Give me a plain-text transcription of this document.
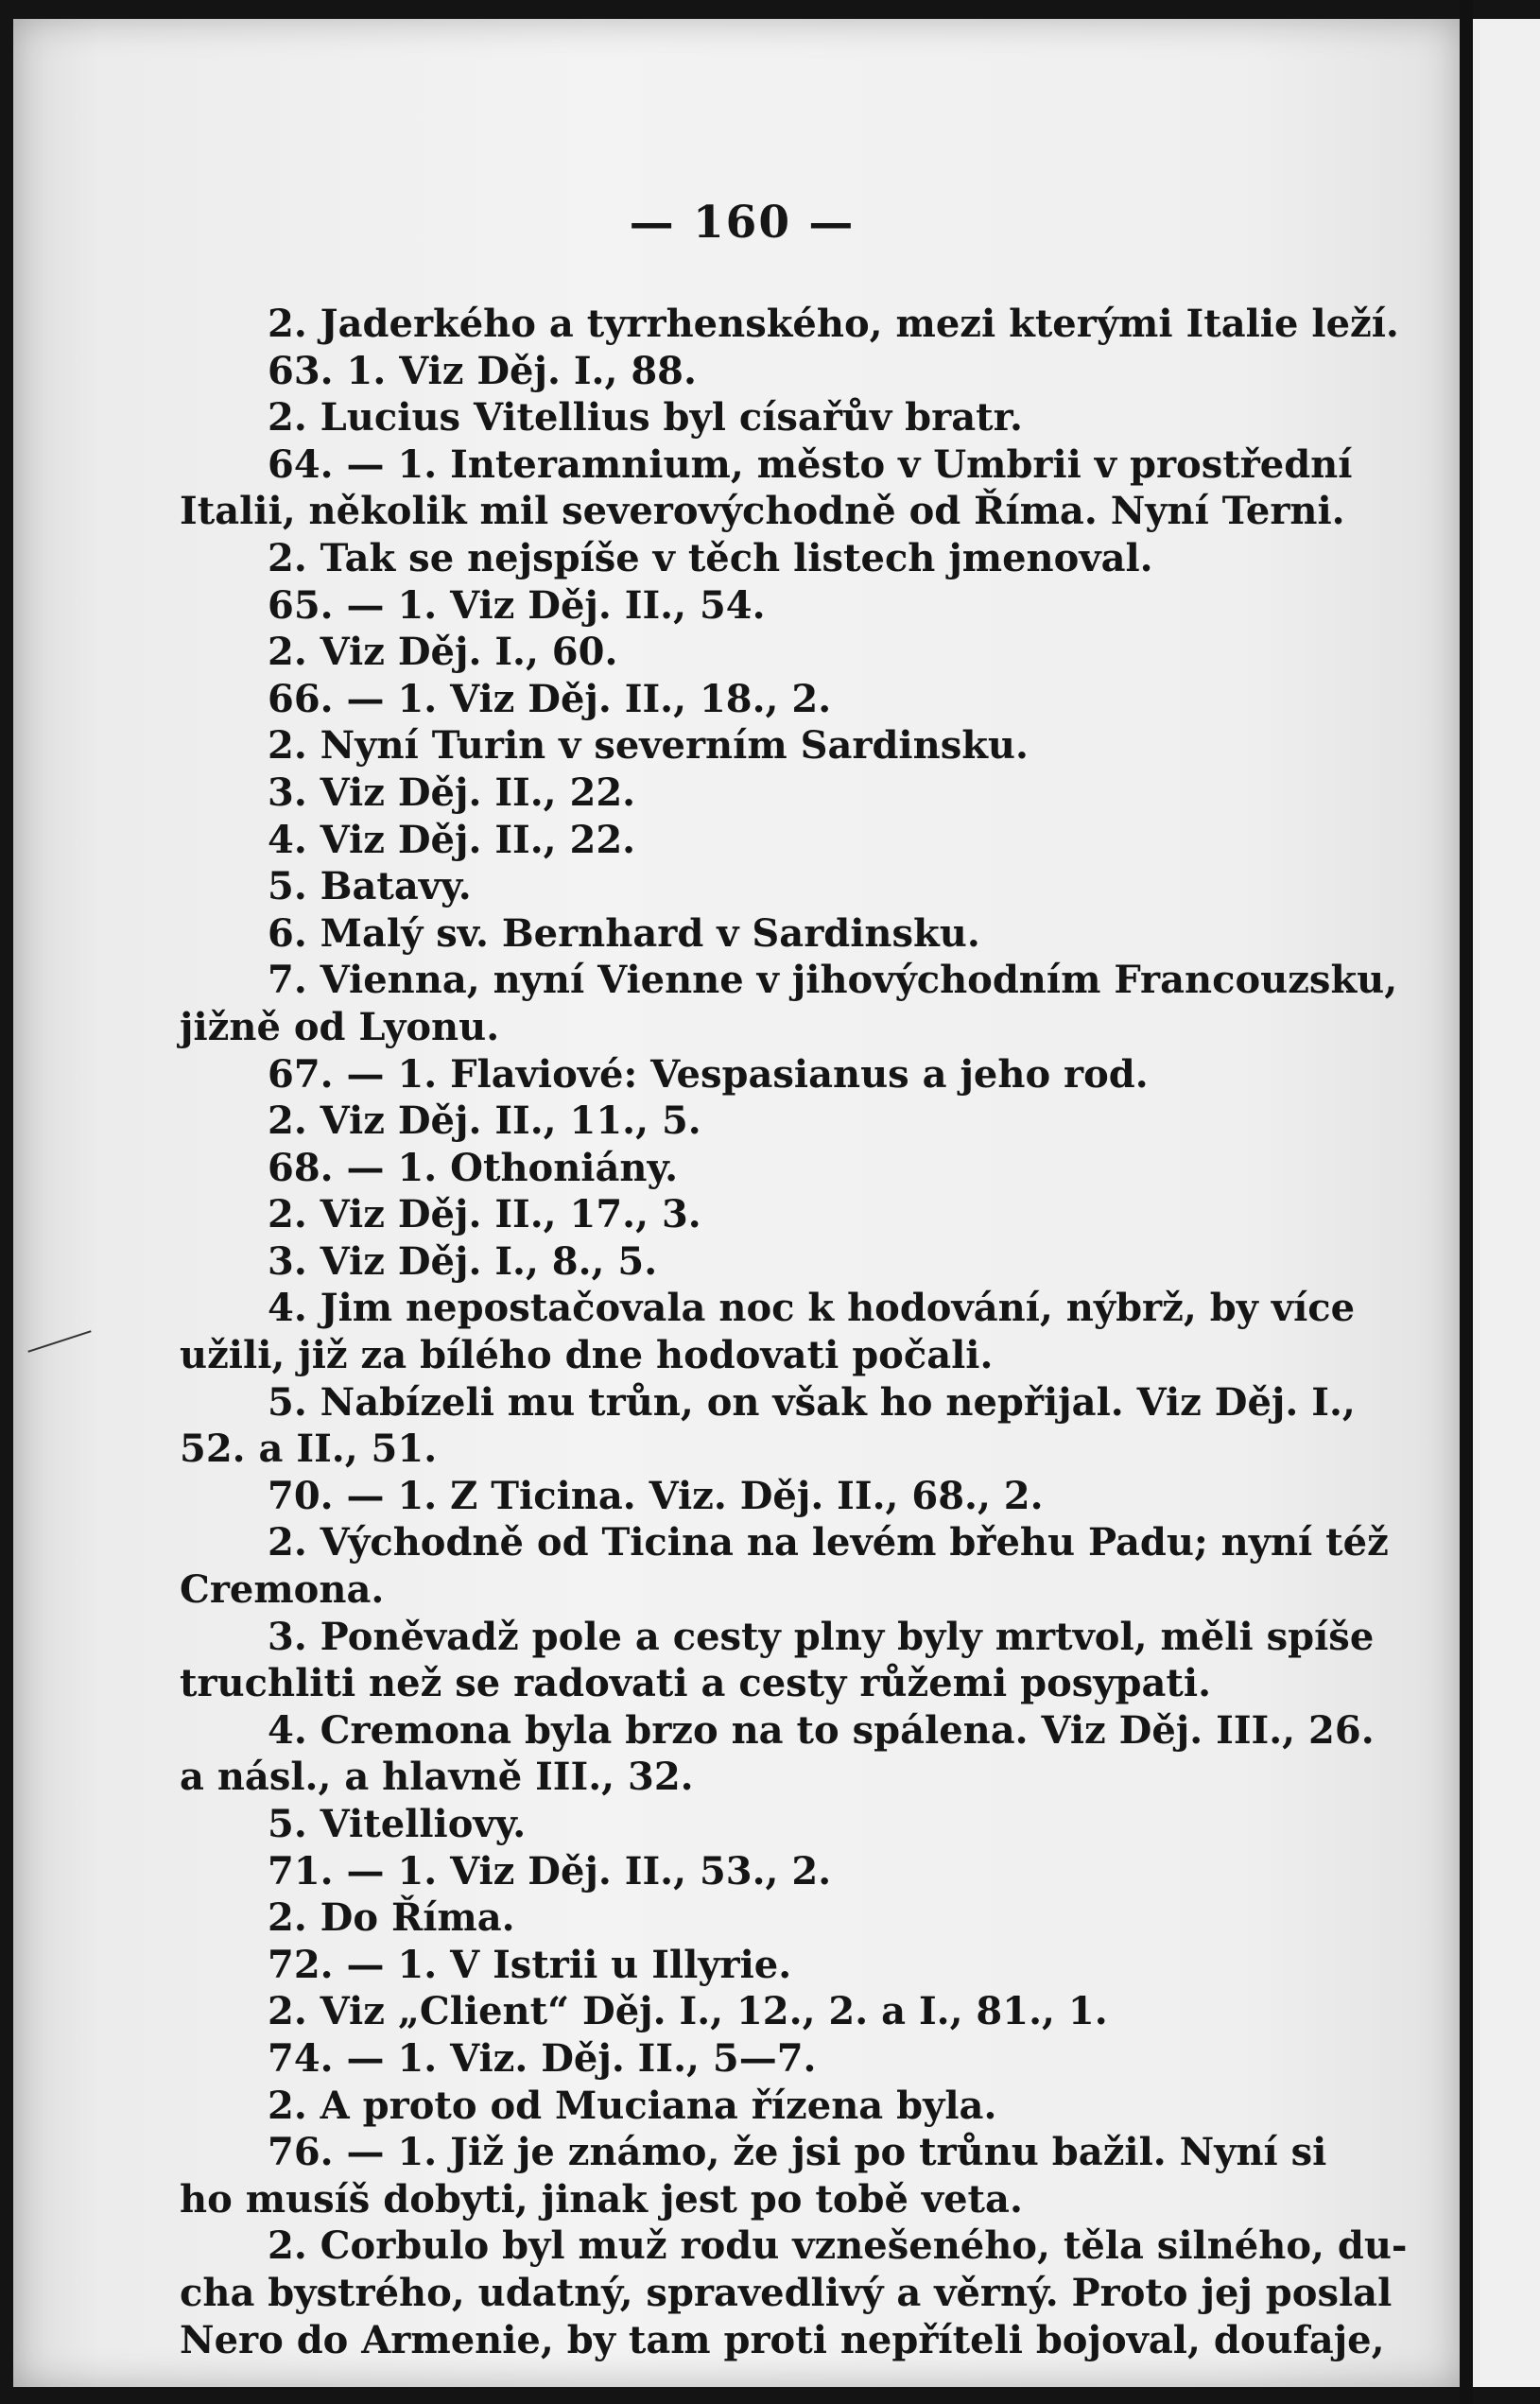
— 160 —
2. Jaderkého a tyrrhenského, mezi kterými Italie leží.
63. 1. Viz Děj. I., 88.
2. Lucius Vitellius byl císařův bratr.
64. — 1. Interamnium, město v Umbrii v prostřední
Italii, několik mil severovýchodně od Říma. Nyní Terni.
2. Tak se nejspíše v těch listech jmenoval.
65. — 1. Viz Děj. II., 54.
2. Viz Děj. I., 60.
66. — 1. Viz Děj. II., 18., 2.
2. Nyní Turin v severním Sardinsku.
3. Viz Děj. II., 22.
4. Viz Děj. II., 22.
5. Batavy.
6. Malý sv. Bernhard v Sardinsku.
7. Vienna, nyní Vienne v jihovýchodním Francouzsku,
jižně od Lyonu.
67. — 1. Flaviové: Vespasianus a jeho rod.
2. Viz Děj. II., 11., 5.
68. — 1. Othoniány.
2. Viz Děj. II., 17., 3.
3. Viz Děj. I., 8., 5.
4. Jim nepostačovala noc k hodování, nýbrž, by více
užili, již za bílého dne hodovati počali.
5. Nabízeli mu trůn, on však ho nepřijal. Viz Děj. I.,
52. a II., 51.
70. — 1. Z Ticina. Viz. Děj. II., 68., 2.
2. Východně od Ticina na levém břehu Padu; nyní též
Cremona.
3. Poněvadž pole a cesty plny byly mrtvol, měli spíše
truchliti než se radovati a cesty růžemi posypati.
4. Cremona byla brzo na to spálena. Viz Děj. III., 26.
a násl., a hlavně III., 32.
5. Vitelliovy.
71. — 1. Viz Děj. II., 53., 2.
2. Do Říma.
72. — 1. V Istrii u Illyrie.
2. Viz „Client“ Děj. I., 12., 2. a I., 81., 1.
74. — 1. Viz. Děj. II., 5—7.
2. A proto od Muciana řízena byla.
76. — 1. Již je známo, že jsi po trůnu bažil. Nyní si
ho musíš dobyti, jinak jest po tobě veta.
2. Corbulo byl muž rodu vznešeného, těla silného, du-
cha bystrého, udatný, spravedlivý a věrný. Proto jej poslal
Nero do Armenie, by tam proti nepříteli bojoval, doufaje,
